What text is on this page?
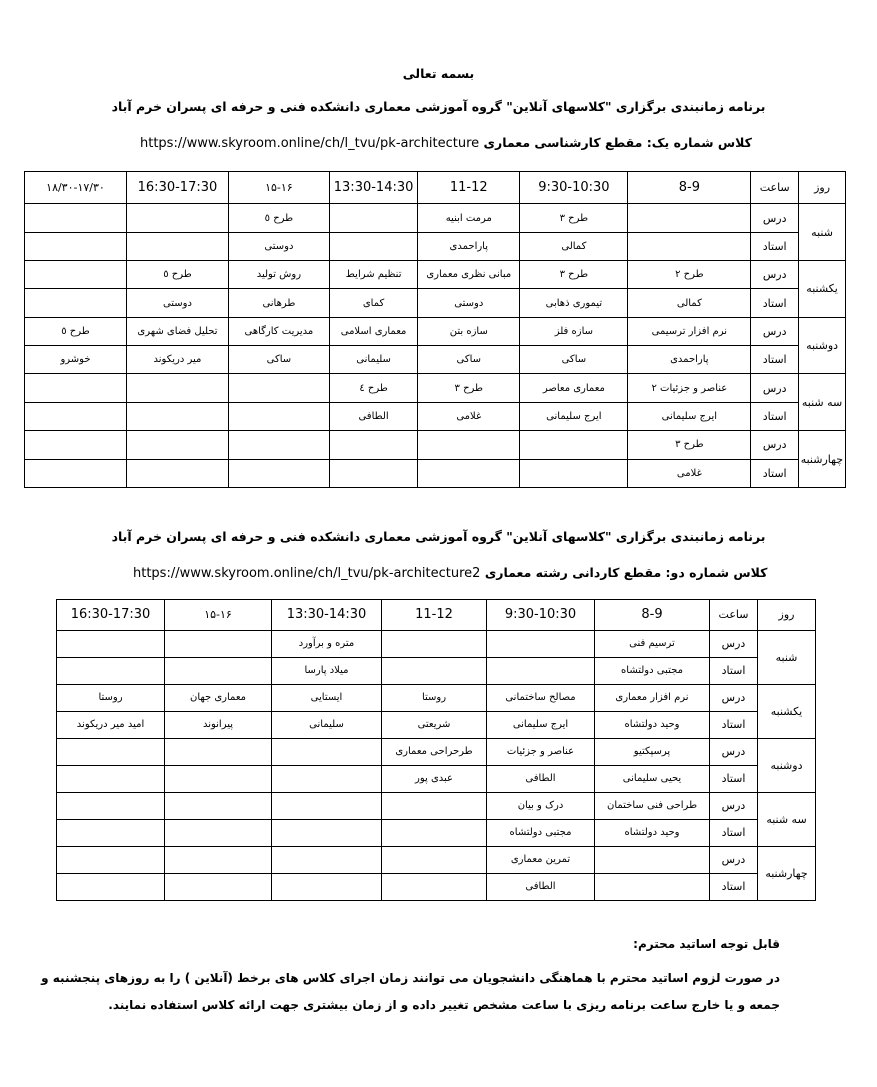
بسمه تعالی
برنامه زمانبندی برگزاری "کلاسهای آنلاین" گروه آموزشی معماری دانشکده فنی و حرفه ای پسران خرم آباد
https://www.skyroom.online/ch/l_tvu/pk-architecture کلاس شماره یک: مقطع کارشناسی معماری
۱۸/۳۰-۱۷/۳۰	16:30-17:30	۱۵-۱۶	13:30-14:30	11-12	9:30-10:30	8-9	ساعت	روز
		طرح ٥		مرمت ابنیه	طرح ۳		درس	شنبه
		دوستی		پاراحمدی	کمالی		استاد	
	طرح ٥	روش تولید	تنظیم شرایط	مبانی نظری معماری	طرح ۳	طرح ۲	درس	یکشنبه
	دوستی	طرهانی	کمای	دوستی	تیموری ذهابی	کمالی	استاد	
طرح ٥	تحلیل فضای شهری	مدیریت کارگاهی	معماری اسلامی	سازه بتن	سازه فلز	نرم افزار ترسیمی	درس	دوشنبه
خوشرو	میر دریکوند	ساکی	سلیمانی	ساکی	ساکی	پاراحمدی	استاد	
			طرح ٤	طرح ۳	معماری معاصر	عناصر و جزئیات ۲	درس	سه شنبه
			الطافی	غلامی	ایرج سلیمانی	ایرج سلیمانی	استاد	
						طرح ۳	درس	چهارشنبه
						غلامی	استاد	
برنامه زمانبندی برگزاری "کلاسهای آنلاین" گروه آموزشی معماری دانشکده فنی و حرفه ای پسران خرم آباد
https://www.skyroom.online/ch/l_tvu/pk-architecture2 کلاس شماره دو: مقطع کاردانی رشته معماری
16:30-17:30	۱۵-۱۶	13:30-14:30	11-12	9:30-10:30	8-9	ساعت	روز
		متره و برآورد			ترسیم فنی	درس	شنبه
		میلاد پارسا			مجتبی دولتشاه	استاد	
روستا	معماری جهان	ایستایی	روستا	مصالح ساختمانی	نرم افزار معماری	درس	یکشنبه
امید میر دریکوند	پیرانوند	سلیمانی	شریعتی	ایرج سلیمانی	وحید دولتشاه	استاد	
			طرحراحی معماری	عناصر و جزئیات	پرسپکتیو	درس	دوشنبه
			عبدی پور	الطافی	یحیی سلیمانی	استاد	
				درک و بیان	طراحی فنی ساختمان	درس	سه شنبه
				مجتبی دولتشاه	وحید دولتشاه	استاد	
				تمرین معماری		درس	چهارشنبه
				الطافی		استاد	
قابل توجه اساتید محترم:
در صورت لزوم اساتید محترم با هماهنگی دانشجویان می توانند زمان اجرای کلاس های برخط (آنلاین ) را به روزهای پنجشنبه و
جمعه و یا خارج ساعت برنامه ریزی با ساعت مشخص تغییر داده و از زمان بیشتری جهت ارائه کلاس استفاده نمایند.
